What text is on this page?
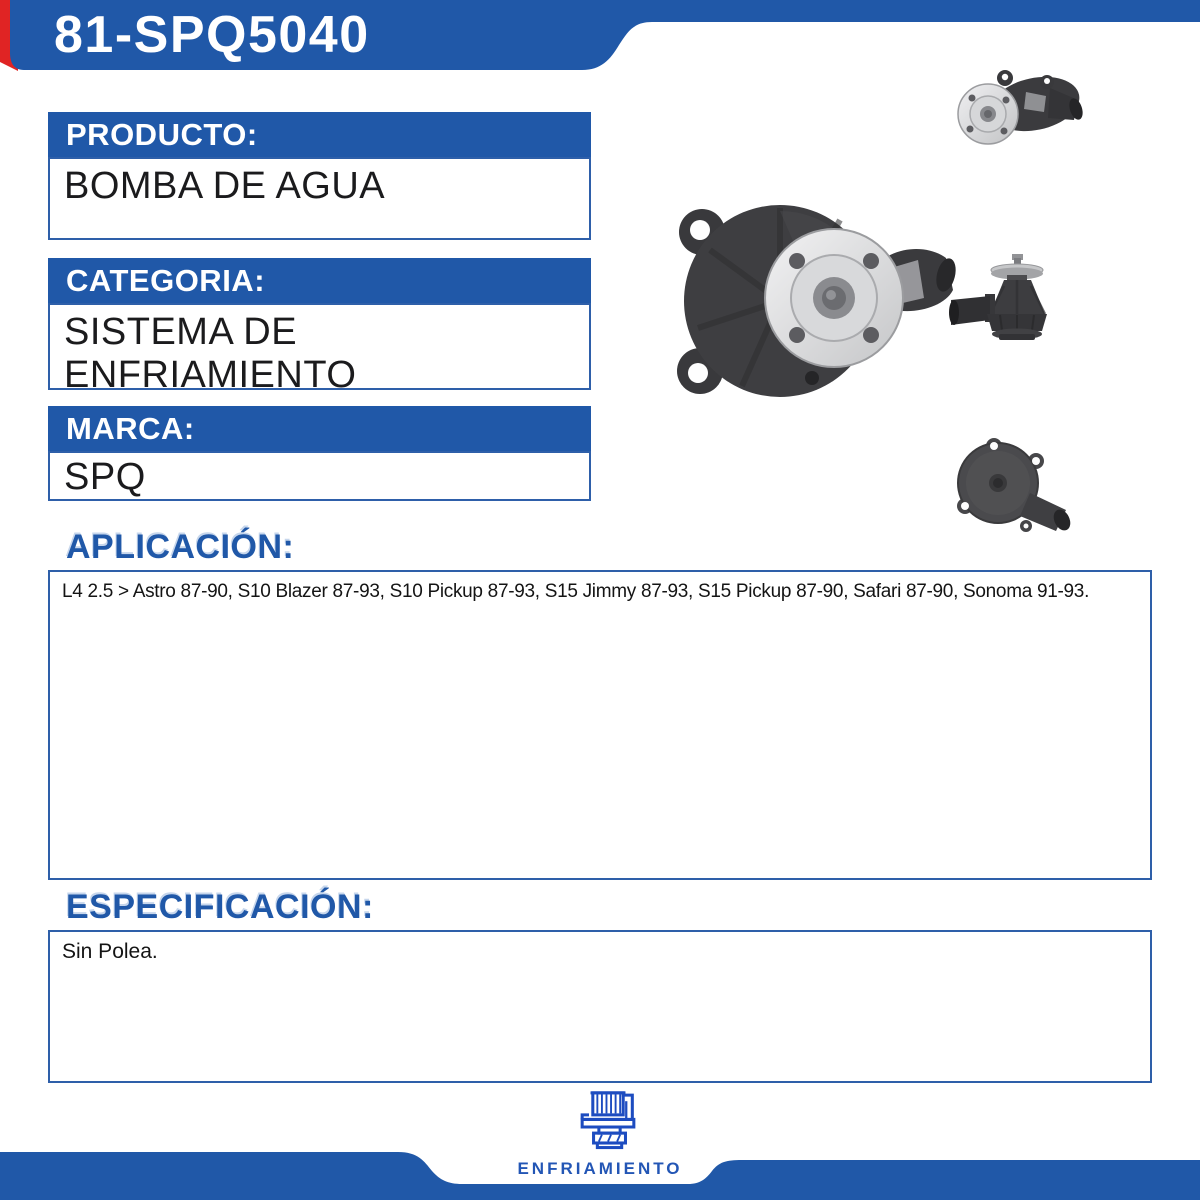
81-SPQ5040
PRODUCTO:
BOMBA DE AGUA
CATEGORIA:
SISTEMA DE ENFRIAMIENTO
MARCA:
SPQ
APLICACIÓN:

L4 2.5 > Astro 87-90, S10 Blazer 87-93, S10 Pickup 87-93, S15 Jimmy 87-93, S15 Pickup 87-90, Safari 87-90, Sonoma 91-93.

ESPECIFICACIÓN:

Sin Polea.

ENFRIAMIENTO
